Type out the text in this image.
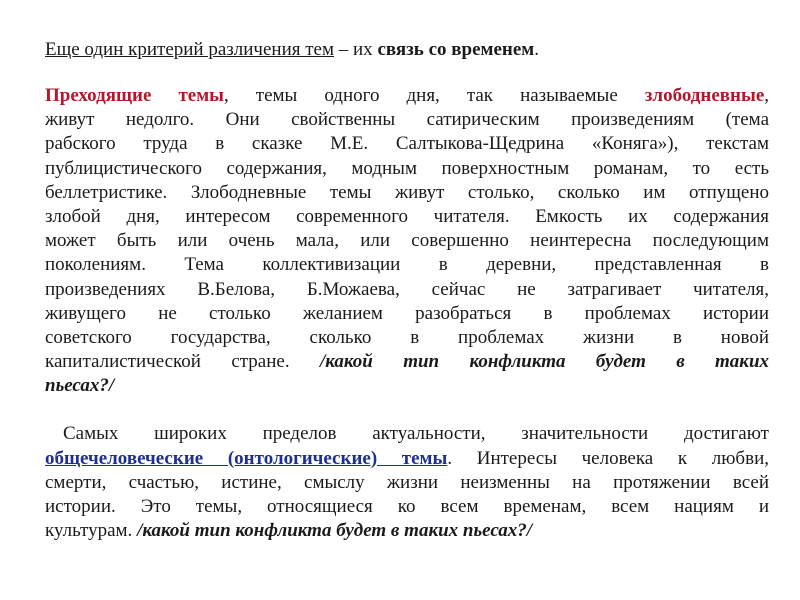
Еще один критерий различения тем – их связь со временем.
Преходящие темы, темы одного дня, так называемые злободневные,
живут недолго. Они свойственны сатирическим произведениям (тема
рабского труда в сказке М.Е. Салтыкова-Щедрина «Коняга»), текстам
публицистического содержания, модным поверхностным романам, то есть
беллетристике. Злободневные темы живут столько, сколько им отпущено
злобой дня, интересом современного читателя. Емкость их содержания
может быть или очень мала, или совершенно неинтересна последующим
поколениям. Тема коллективизации в деревни, представленная в
произведениях В.Белова, Б.Можаева, сейчас не затрагивает читателя,
живущего не столько желанием разобраться в проблемах истории
советского государства, сколько в проблемах жизни в новой
капиталистической стране. /какой тип конфликта будет в таких
пьесах?/
Самых широких пределов актуальности, значительности достигают
общечеловеческие (онтологические) темы. Интересы человека к любви,
смерти, счастью, истине, смыслу жизни неизменны на протяжении всей
истории. Это темы, относящиеся ко всем временам, всем нациям и
культурам. /какой тип конфликта будет в таких пьесах?/
